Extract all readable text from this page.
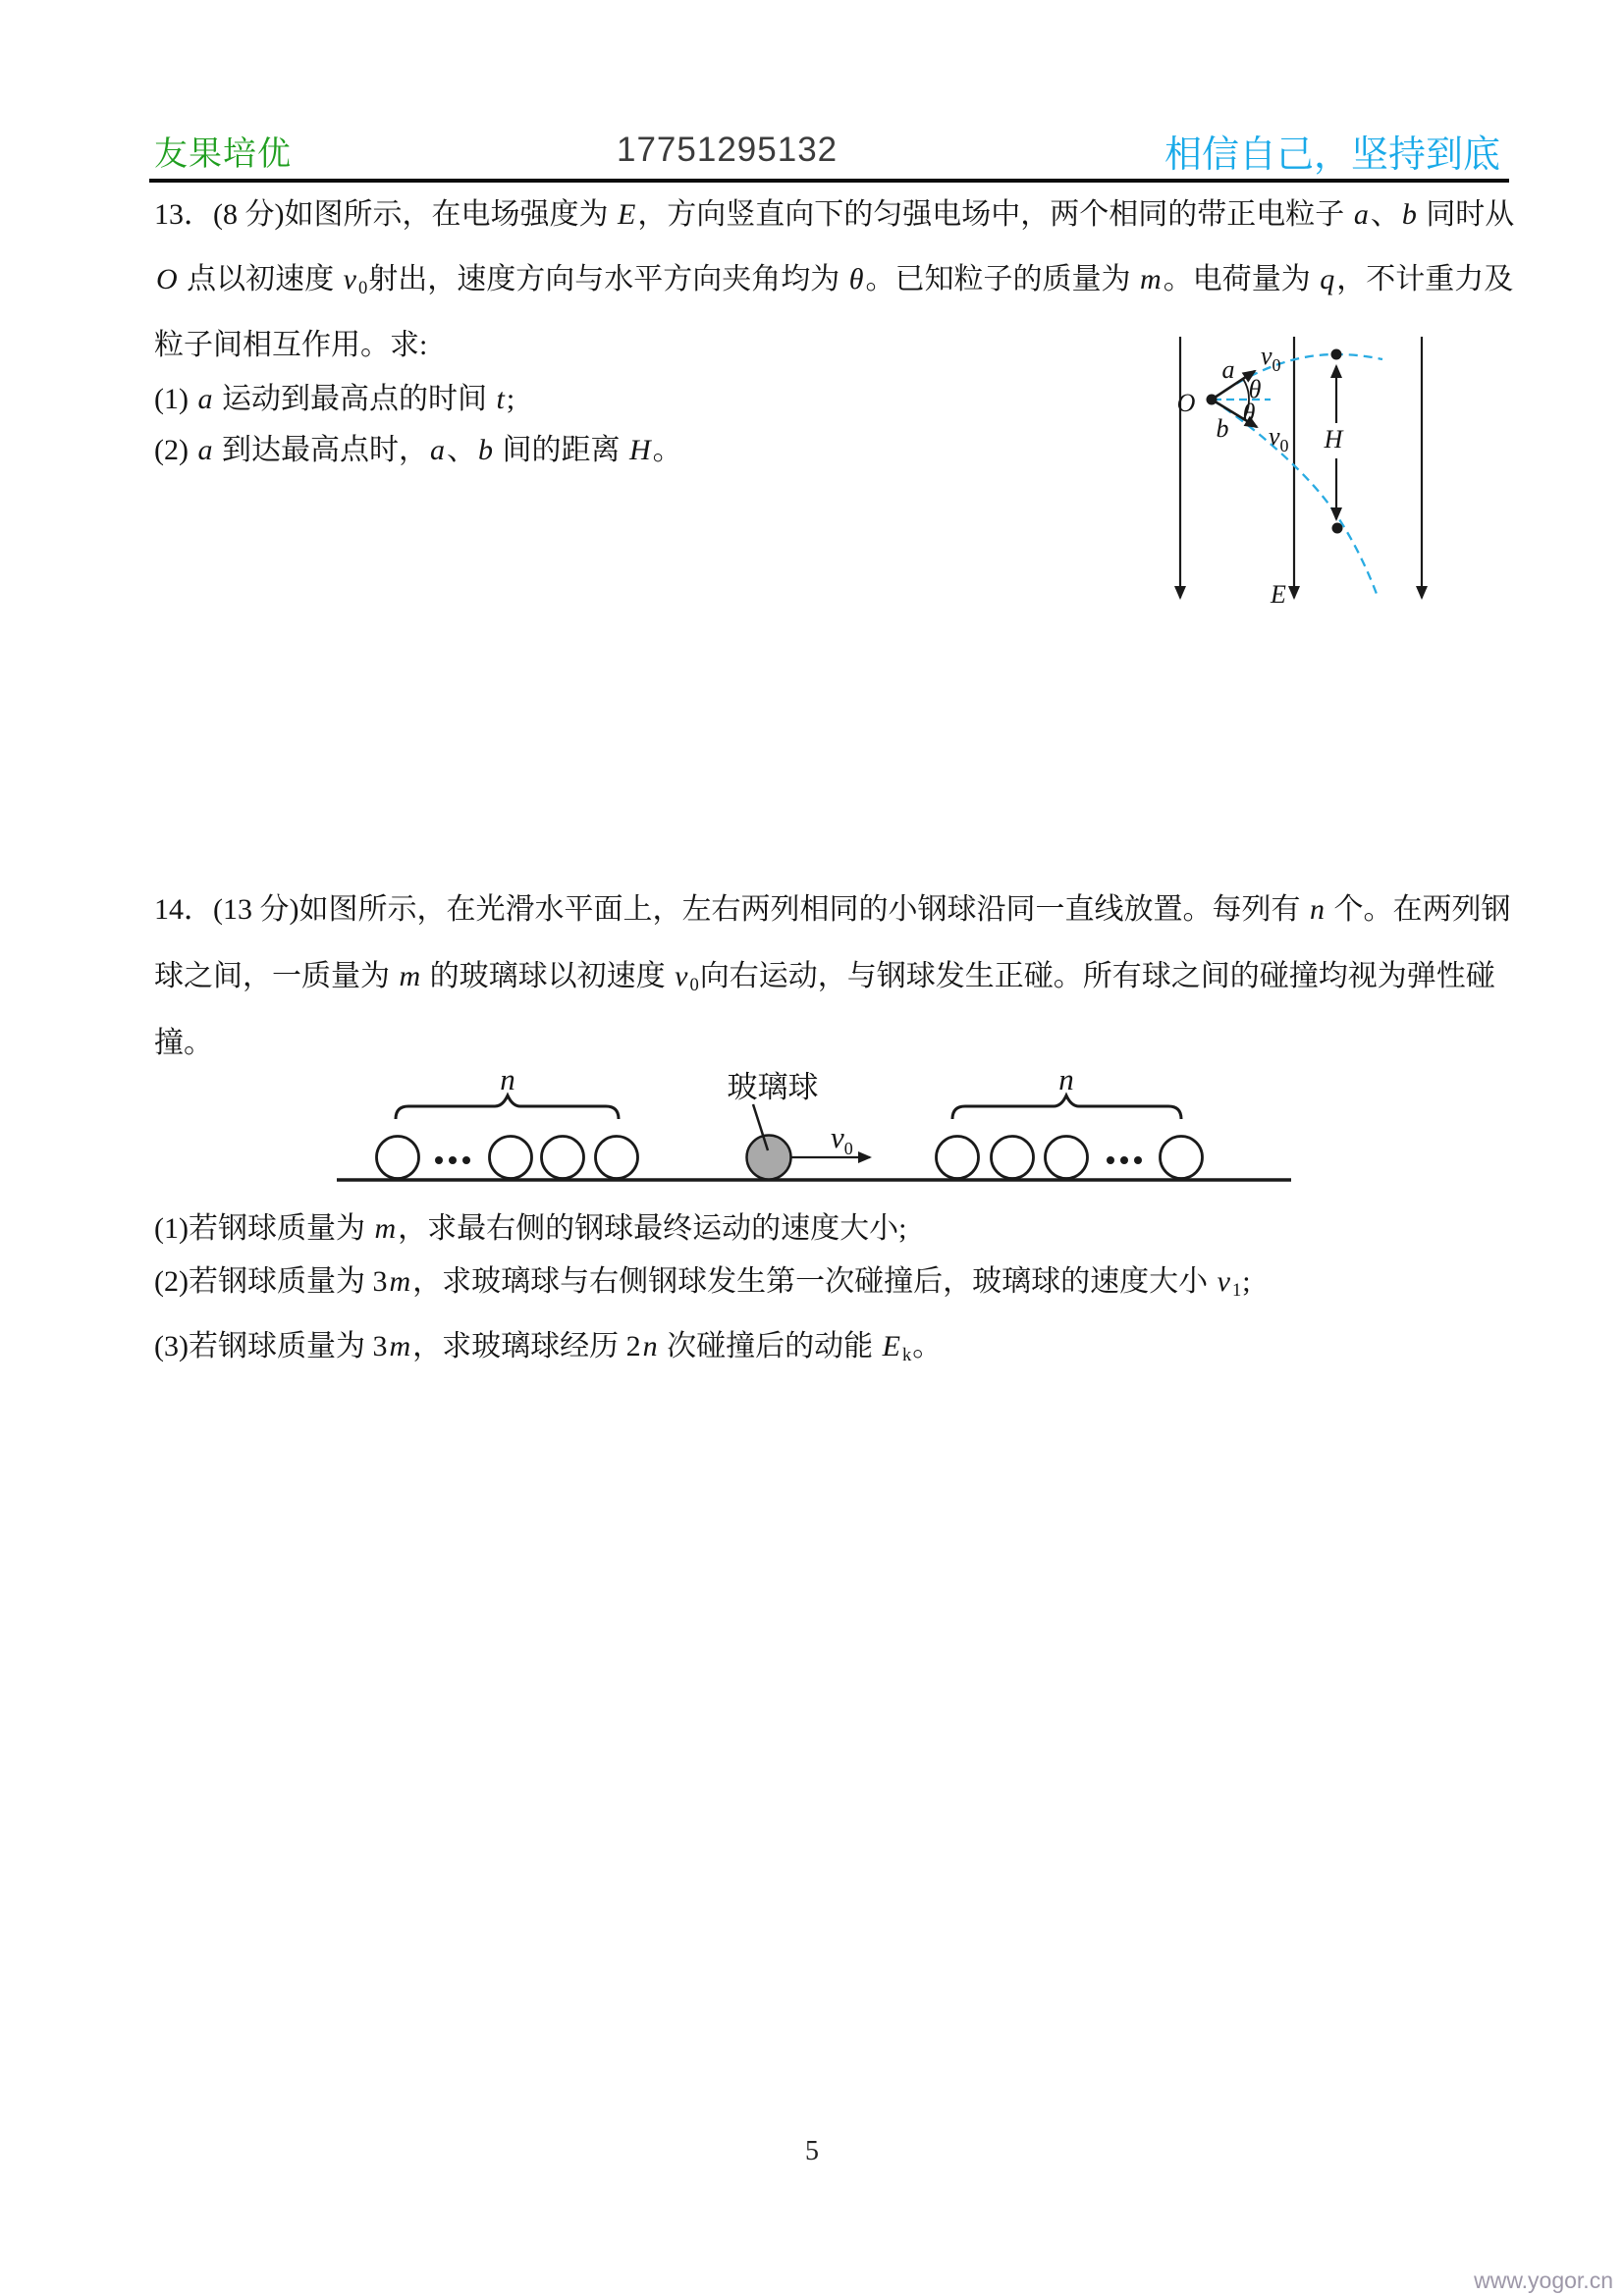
友果培优	17751295132	相信自己，坚持到底
13．(8 分)如图所示，在电场强度为 E，方向竖直向下的匀强电场中，两个相同的带正电粒子 a、b 同时从
O 点以初速度 v $_0$射出，速度方向与水平方向夹角均为 θ。已知粒子的质量为 m。电荷量为 q，不计重力及
粒子间相互作用。求:
(1) a 运动到最高点的时间 t;
(2) a 到达最高点时，a、b 间的距离 H。
O
a
b
θ
θ
$v_0$
$v_0$ H
E
14．(13 分)如图所示，在光滑水平面上，左右两列相同的小钢球沿同一直线放置。每列有 n 个。在两列钢
球之间，一质量为 m 的玻璃球以初速度 v $_0$向右运动，与钢球发生正碰。所有球之间的碰撞均视为弹性碰
撞。
(1)若钢球质量为 m，求最右侧的钢球最终运动的速度大小;
(2)若钢球质量为 3m，求玻璃球与右侧钢球发生第一次碰撞后，玻璃球的速度大小 v $_1$;
(3)若钢球质量为 3m，求玻璃球经历 2n 次碰撞后的动能 E $_k$。
n	n
玻璃球
$v_0$
5
www.yogor.cn
